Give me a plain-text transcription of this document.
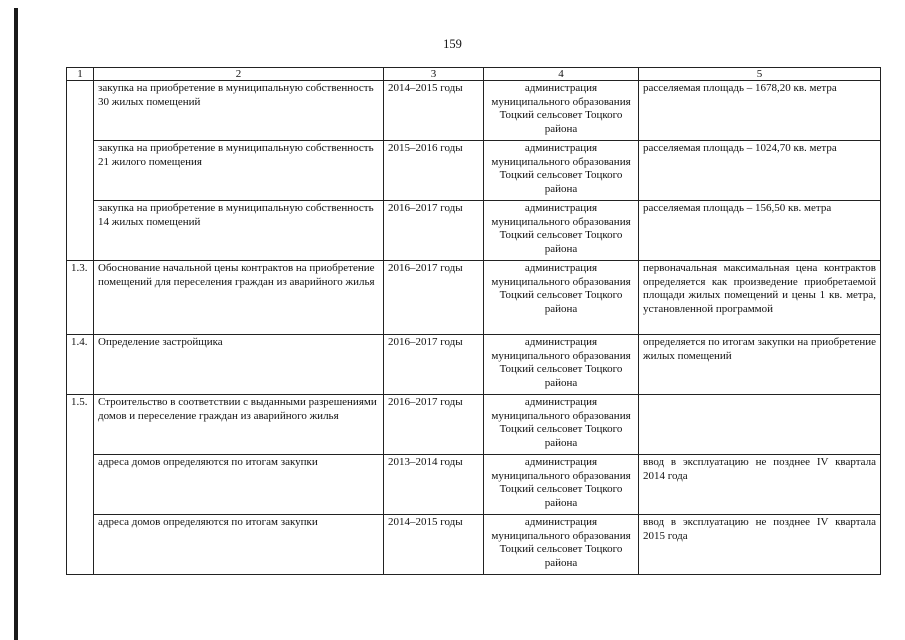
159
1	2	3	4	5
	закупка на приобретение в муниципальную собственность 30 жилых помещений	2014–2015 годы	администрация муниципального образования Тоцкий сельсовет Тоцкого района	расселяемая площадь – 1678,20 кв. метра
	закупка на приобретение в муниципальную собственность 21 жилого помещения	2015–2016 годы	администрация муниципального образования Тоцкий сельсовет Тоцкого района	расселяемая площадь – 1024,70 кв. метра
	закупка на приобретение в муниципальную собственность 14 жилых помещений	2016–2017 годы	администрация муниципального образования Тоцкий сельсовет Тоцкого района	расселяемая площадь – 156,50 кв. метра
1.3.	Обоснование начальной цены контрактов на приобретение помещений для переселения граждан из аварийного жилья	2016–2017 годы	администрация муниципального образования Тоцкий сельсовет Тоцкого района	первоначальная максимальная цена контрактов определяется как произведение приобретаемой площади жилых помещений и цены 1 кв. метра, установленной программой
1.4.	Определение застройщика	2016–2017 годы	администрация муниципального образования Тоцкий сельсовет Тоцкого района	определяется по итогам закупки на приобретение жилых помещений
1.5.	Строительство в соответствии с выданными разрешениями домов и переселение граждан из аварийного жилья	2016–2017 годы	администрация муниципального образования Тоцкий сельсовет Тоцкого района	
	адреса домов определяются по итогам закупки	2013–2014 годы	администрация муниципального образования Тоцкий сельсовет Тоцкого района	ввод в эксплуатацию не позднее IV квартала 2014 года
	адреса домов определяются по итогам закупки	2014–2015 годы	администрация муниципального образования Тоцкий сельсовет Тоцкого района	ввод в эксплуатацию не позднее IV квартала 2015 года
